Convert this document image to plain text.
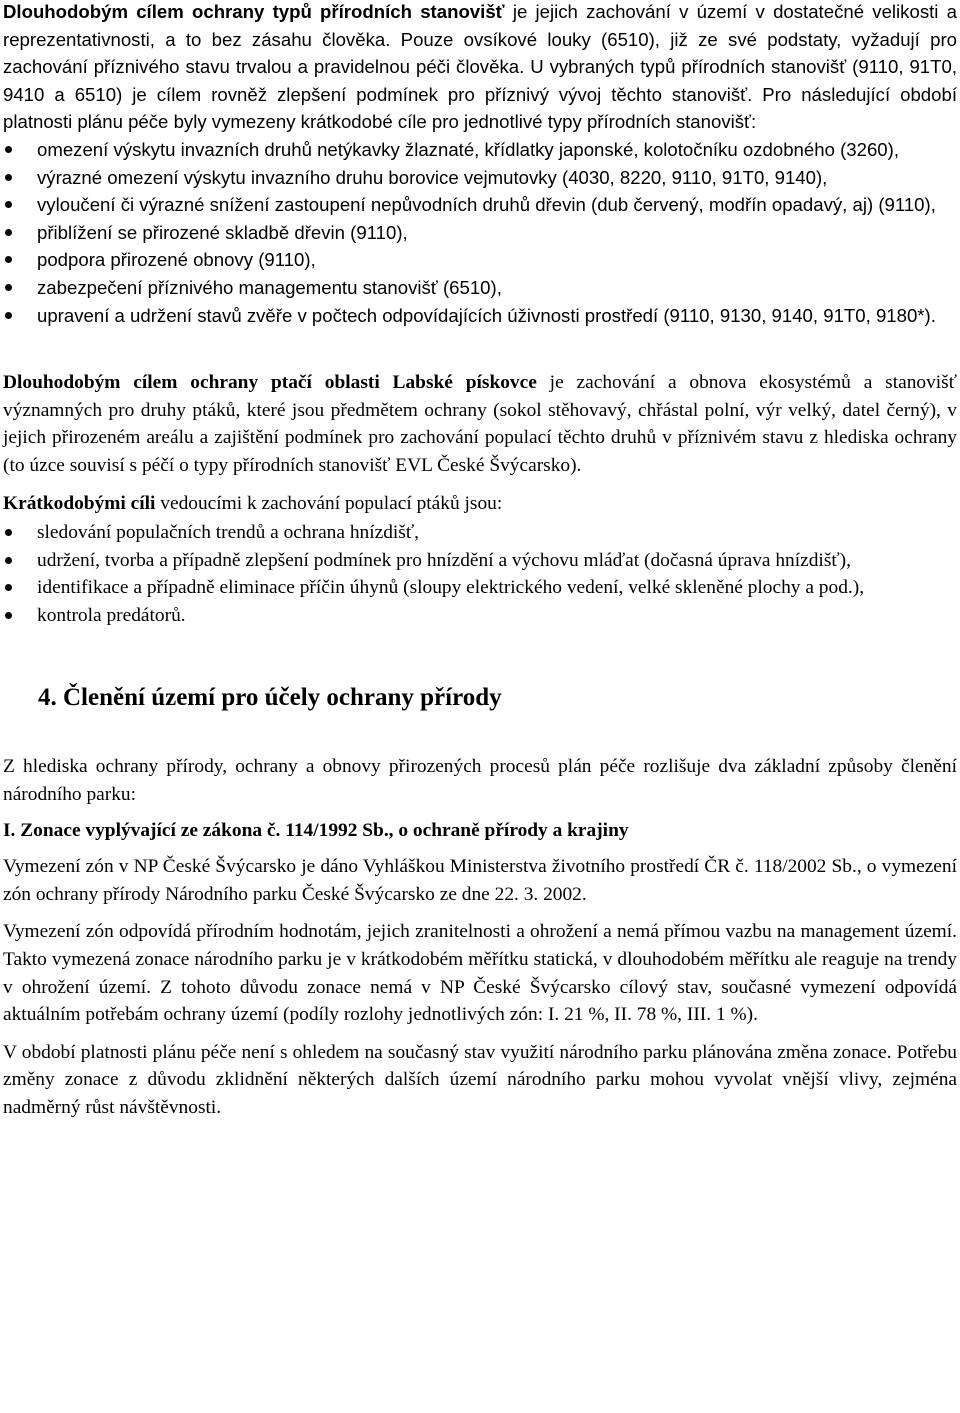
Dlouhodobým cílem ochrany typů přírodních stanovišť je jejich zachování v území v dostatečné velikosti a reprezentativnosti, a to bez zásahu člověka. Pouze ovsíkové louky (6510), již ze své podstaty, vyžadují pro zachování příznivého stavu trvalou a pravidelnou péči člověka. U vybraných typů přírodních stanovišť (9110, 91T0, 9410 a 6510) je cílem rovněž zlepšení podmínek pro příznivý vývoj těchto stanovišť. Pro následující období platnosti plánu péče byly vymezeny krátkodobé cíle pro jednotlivé typy přírodních stanovišť:

omezení výskytu invazních druhů netýkavky žlaznaté, křídlatky japonské, kolotočníku ozdobného (3260),
výrazné omezení výskytu invazního druhu borovice vejmutovky (4030, 8220, 9110, 91T0, 9140),
vyloučení či výrazné snížení zastoupení nepůvodních druhů dřevin (dub červený, modřín opadavý, aj) (9110),
přiblížení se přirozené skladbě dřevin (9110),
podpora přirozené obnovy (9110),
zabezpečení příznivého managementu stanovišť (6510),
upravení a udržení stavů zvěře v počtech odpovídajících úživnosti prostředí (9110, 9130, 9140, 91T0, 9180*).

Dlouhodobým cílem ochrany ptačí oblasti Labské pískovce je zachování a obnova ekosystémů a stanovišť významných pro druhy ptáků, které jsou předmětem ochrany (sokol stěhovavý, chřástal polní, výr velký, datel černý), v jejich přirozeném areálu a zajištění podmínek pro zachování populací těchto druhů v příznivém stavu z hlediska ochrany (to úzce souvisí s péčí o typy přírodních stanovišť EVL České Švýcarsko).

Krátkodobými cíli vedoucími k zachování populací ptáků jsou:

sledování populačních trendů a ochrana hnízdišť,
udržení, tvorba a případně zlepšení podmínek pro hnízdění a výchovu mláďat (dočasná úprava hnízdišť),
identifikace a případně eliminace příčin úhynů (sloupy elektrického vedení, velké skleněné plochy a pod.),
kontrola predátorů.
4. Členění území pro účely ochrany přírody

Z hlediska ochrany přírody, ochrany a obnovy přirozených procesů plán péče rozlišuje dva základní způsoby členění národního parku:

I. Zonace vyplývající ze zákona č. 114/1992 Sb., o ochraně přírody a krajiny

Vymezení zón v NP České Švýcarsko je dáno Vyhláškou Ministerstva životního prostředí ČR č. 118/2002 Sb., o vymezení zón ochrany přírody Národního parku České Švýcarsko ze dne 22. 3. 2002.

Vymezení zón odpovídá přírodním hodnotám, jejich zranitelnosti a ohrožení a nemá přímou vazbu na management území. Takto vymezená zonace národního parku je v krátkodobém měřítku statická, v dlouhodobém měřítku ale reaguje na trendy v ohrožení území. Z tohoto důvodu zonace nemá v NP České Švýcarsko cílový stav, současné vymezení odpovídá aktuálním potřebám ochrany území (podíly rozlohy jednotlivých zón: I. 21 %, II. 78 %, III. 1 %).

V období platnosti plánu péče není s ohledem na současný stav využití národního parku plánována změna zonace. Potřebu změny zonace z důvodu zklidnění některých dalších území národního parku mohou vyvolat vnější vlivy, zejména nadměrný růst návštěvnosti.
